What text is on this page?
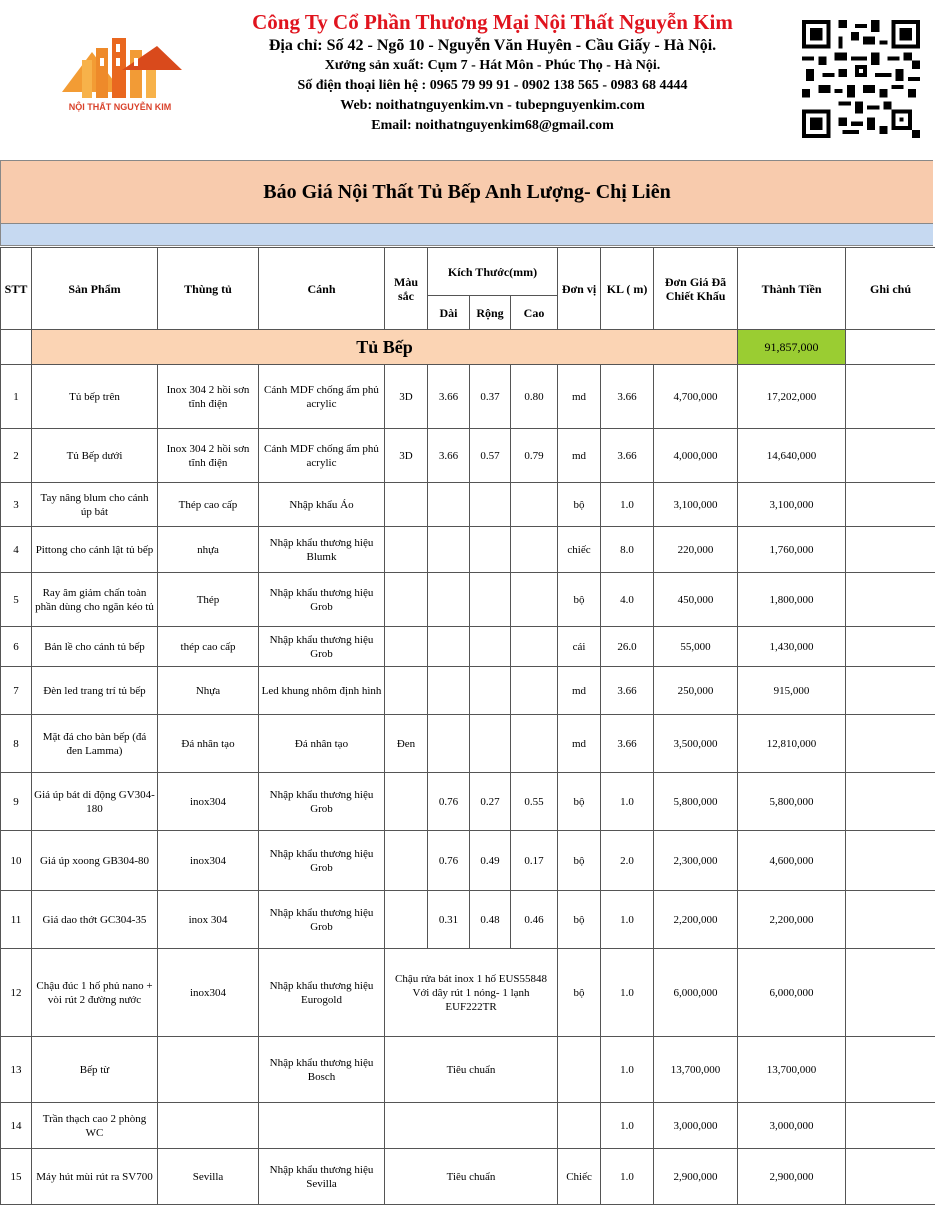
NỘI THẤT NGUYỄN KIM
Công Ty Cổ Phần Thương Mại Nội Thất Nguyễn Kim
Địa chỉ: Số 42 - Ngõ 10 - Nguyễn Văn Huyên - Cầu Giấy - Hà Nội.
Xưởng sản xuất: Cụm 7 - Hát Môn - Phúc Thọ - Hà Nội.
Số điện thoại liên hệ : 0965 79 99 91 - 0902 138 565 - 0983 68 4444
Web: noithatnguyenkim.vn - tubepnguyenkim.com
Email: noithatnguyenkim68@gmail.com
Báo Giá Nội Thất Tủ Bếp Anh Lượng- Chị Liên
STT	Sản Phẩm	Thùng tủ	Cánh	Màu sắc	Kích Thước(mm)			Đơn vị	KL ( m)	Đơn Giá Đã Chiết Khấu	Thành Tiền	Ghi chú
					Dài	Rộng	Cao					
	Tủ Bếp										91,857,000	
1	Tủ bếp trên	Inox 304 2 hồi sơn tĩnh điện	Cánh MDF chống ẩm phủ acrylic	3D	3.66	0.37	0.80	md	3.66	4,700,000	17,202,000	
2	Tủ Bếp dưới	Inox 304 2 hồi sơn tĩnh điện	Cánh MDF chống ẩm phủ acrylic	3D	3.66	0.57	0.79	md	3.66	4,000,000	14,640,000	
3	Tay nâng blum cho cánh úp bát	Thép cao cấp	Nhập khẩu Áo					bộ	1.0	3,100,000	3,100,000	
4	Pittong cho cánh lật tủ bếp	nhựa	Nhập khẩu thương hiệu Blumk					chiếc	8.0	220,000	1,760,000	
5	Ray âm giảm chấn toàn phần dùng cho ngăn kéo tủ	Thép	Nhập khẩu thương hiệu Grob					bộ	4.0	450,000	1,800,000	
6	Bản lề cho cánh tủ bếp	thép cao cấp	Nhập khẩu thương hiệu Grob					cái	26.0	55,000	1,430,000	
7	Đèn led trang trí tủ bếp	Nhựa	Led khung nhôm định hình					md	3.66	250,000	915,000	
8	Mặt đá cho bàn bếp (đá đen Lamma)	Đá nhân tạo	Đá nhân tạo	Đen				md	3.66	3,500,000	12,810,000	
9	Giá úp bát di động GV304-180	inox304	Nhập khẩu thương hiệu Grob		0.76	0.27	0.55	bộ	1.0	5,800,000	5,800,000	
10	Giá úp xoong GB304-80	inox304	Nhập khẩu thương hiệu Grob		0.76	0.49	0.17	bộ	2.0	2,300,000	4,600,000	
11	Giá dao thớt GC304-35	inox 304	Nhập khẩu thương hiệu Grob		0.31	0.48	0.46	bộ	1.0	2,200,000	2,200,000	
12	Chậu đúc 1 hố phủ nano + vòi rút 2 đường nước	inox304	Nhập khẩu thương hiệu Eurogold	Chậu rửa bát inox 1 hố EUS55848 Với dây rút 1 nóng- 1 lạnh EUF222TR				bộ	1.0	6,000,000	6,000,000	
13	Bếp từ		Nhập khẩu thương hiệu Bosch	Tiêu chuẩn					1.0	13,700,000	13,700,000	
14	Trần thạch cao 2 phòng WC								1.0	3,000,000	3,000,000	
15	Máy hút mùi rút ra SV700	Sevilla	Nhập khẩu thương hiệu Sevilla	Tiêu chuẩn				Chiếc	1.0	2,900,000	2,900,000	
